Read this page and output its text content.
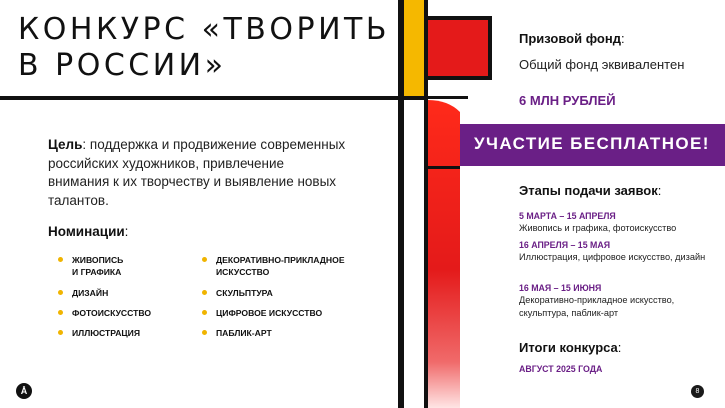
КОНКУРС «ТВОРИТЬ
В РОССИИ»
Цель: поддержка и продвижение современных российских художников, привлечение внимания к их творчеству и выявление новых талантов.
Номинации:
ЖИВОПИСЬ
И ГРАФИКА
ДИЗАЙН
ФОТОИСКУССТВО
ИЛЛЮСТРАЦИЯ
ДЕКОРАТИВНО-ПРИКЛАДНОЕ
ИСКУССТВО
СКУЛЬПТУРА
ЦИФРОВОЕ ИСКУССТВО
ПАБЛИК-АРТ
Призовой фонд:
Общий фонд эквивалентен
6 МЛН РУБЛЕЙ
УЧАСТИЕ БЕСПЛАТНОЕ!
Этапы подачи заявок:
5 МАРТА – 15 АПРЕЛЯ
Живопись и графика, фотоискусство
16 АПРЕЛЯ – 15 МАЯ
Иллюстрация, цифровое искусство, дизайн
16 МАЯ – 15 ИЮНЯ
Декоративно-прикладное искусство, скульптура, паблик-арт
Итоги конкурса:
АВГУСТ 2025 ГОДА
Å	8
